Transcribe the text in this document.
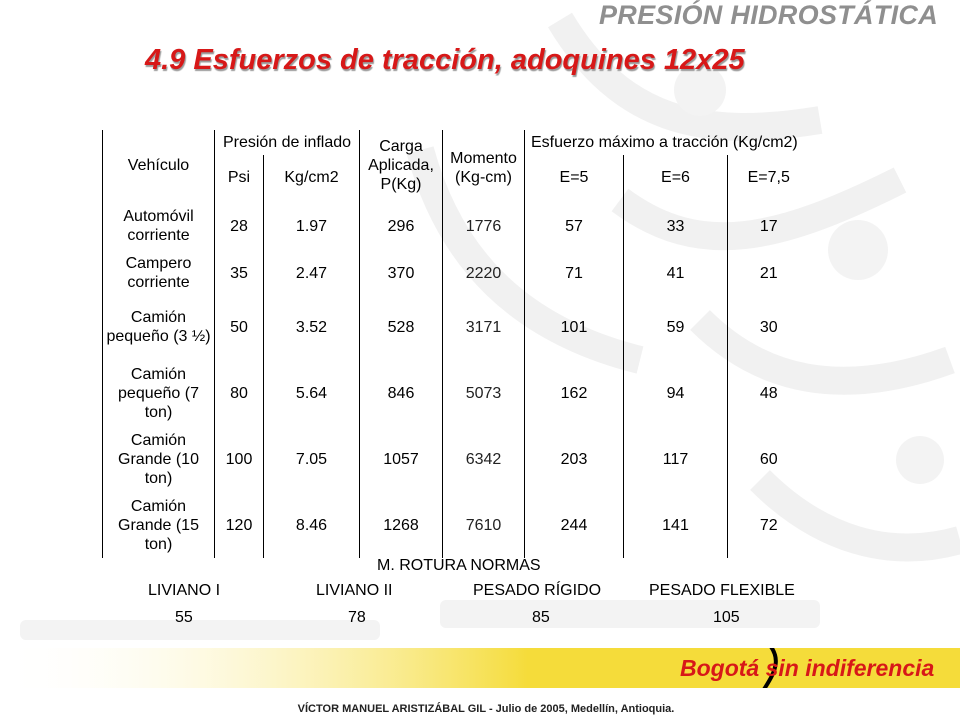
PRESIÓN HIDROSTÁTICA
4.9 Esfuerzos de tracción, adoquines 12x25
Vehículo	Presión de inflado		Carga Aplicada, P(Kg)	Momento (Kg-cm)	Esfuerzo máximo a tracción (Kg/cm2)		
	Psi	Kg/cm2			E=5	E=6	E=7,5
Automóvil corriente	28	1.97	296	1776	57	33	17
Campero corriente	35	2.47	370	2220	71	41	21
Camión pequeño (3 ½)	50	3.52	528	3171	101	59	30
Camión pequeño (7 ton)	80	5.64	846	5073	162	94	48
Camión Grande (10 ton)	100	7.05	1057	6342	203	117	60
Camión Grande (15 ton)	120	8.46	1268	7610	244	141	72
M. ROTURA NORMAS
LIVIANO I	LIVIANO II	PESADO RÍGIDO	PESADO FLEXIBLE
55	78	85	105
Bogotá sin indiferencia
VÍCTOR MANUEL ARISTIZÁBAL GIL - Julio de 2005, Medellín, Antioquia.
